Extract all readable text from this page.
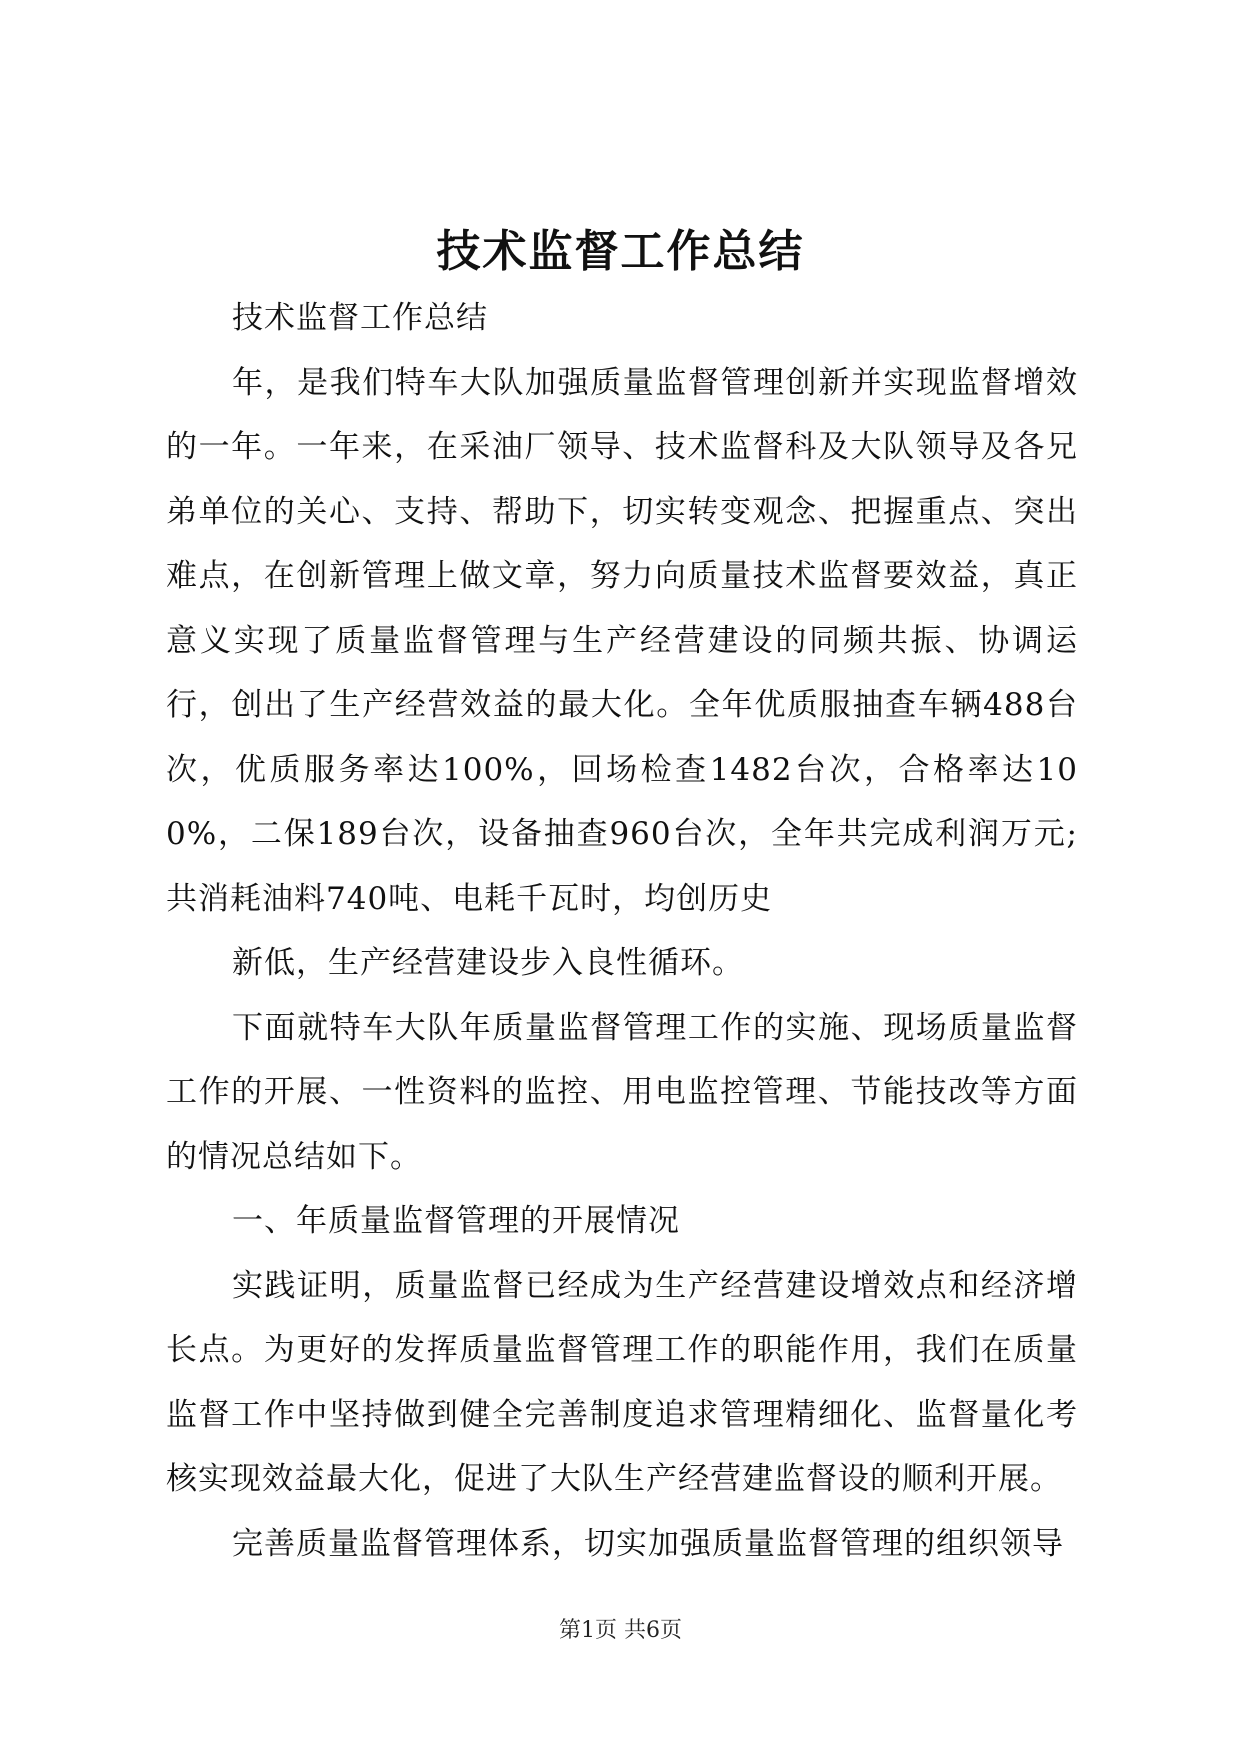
技术监督工作总结

技术监督工作总结

年，是我们特车大队加强质量监督管理创新并实现监督增效的一年。一年来，在采油厂领导、技术监督科及大队领导及各兄弟单位的关心、支持、帮助下，切实转变观念、把握重点、突出难点，在创新管理上做文章，努力向质量技术监督要效益，真正意义实现了质量监督管理与生产经营建设的同频共振、协调运行，创出了生产经营效益的最大化。全年优质服抽查车辆488台次，优质服务率达100%，回场检查1482台次，合格率达100%，二保189台次，设备抽查960台次，全年共完成利润万元;共消耗油料740吨、电耗千瓦时，均创历史

新低，生产经营建设步入良性循环。

下面就特车大队年质量监督管理工作的实施、现场质量监督工作的开展、一性资料的监控、用电监控管理、节能技改等方面的情况总结如下。

一、年质量监督管理的开展情况

实践证明，质量监督已经成为生产经营建设增效点和经济增长点。为更好的发挥质量监督管理工作的职能作用，我们在质量监督工作中坚持做到健全完善制度追求管理精细化、监督量化考核实现效益最大化，促进了大队生产经营建监督设的顺利开展。

完善质量监督管理体系，切实加强质量监督管理的组织领导

第1页 共6页
